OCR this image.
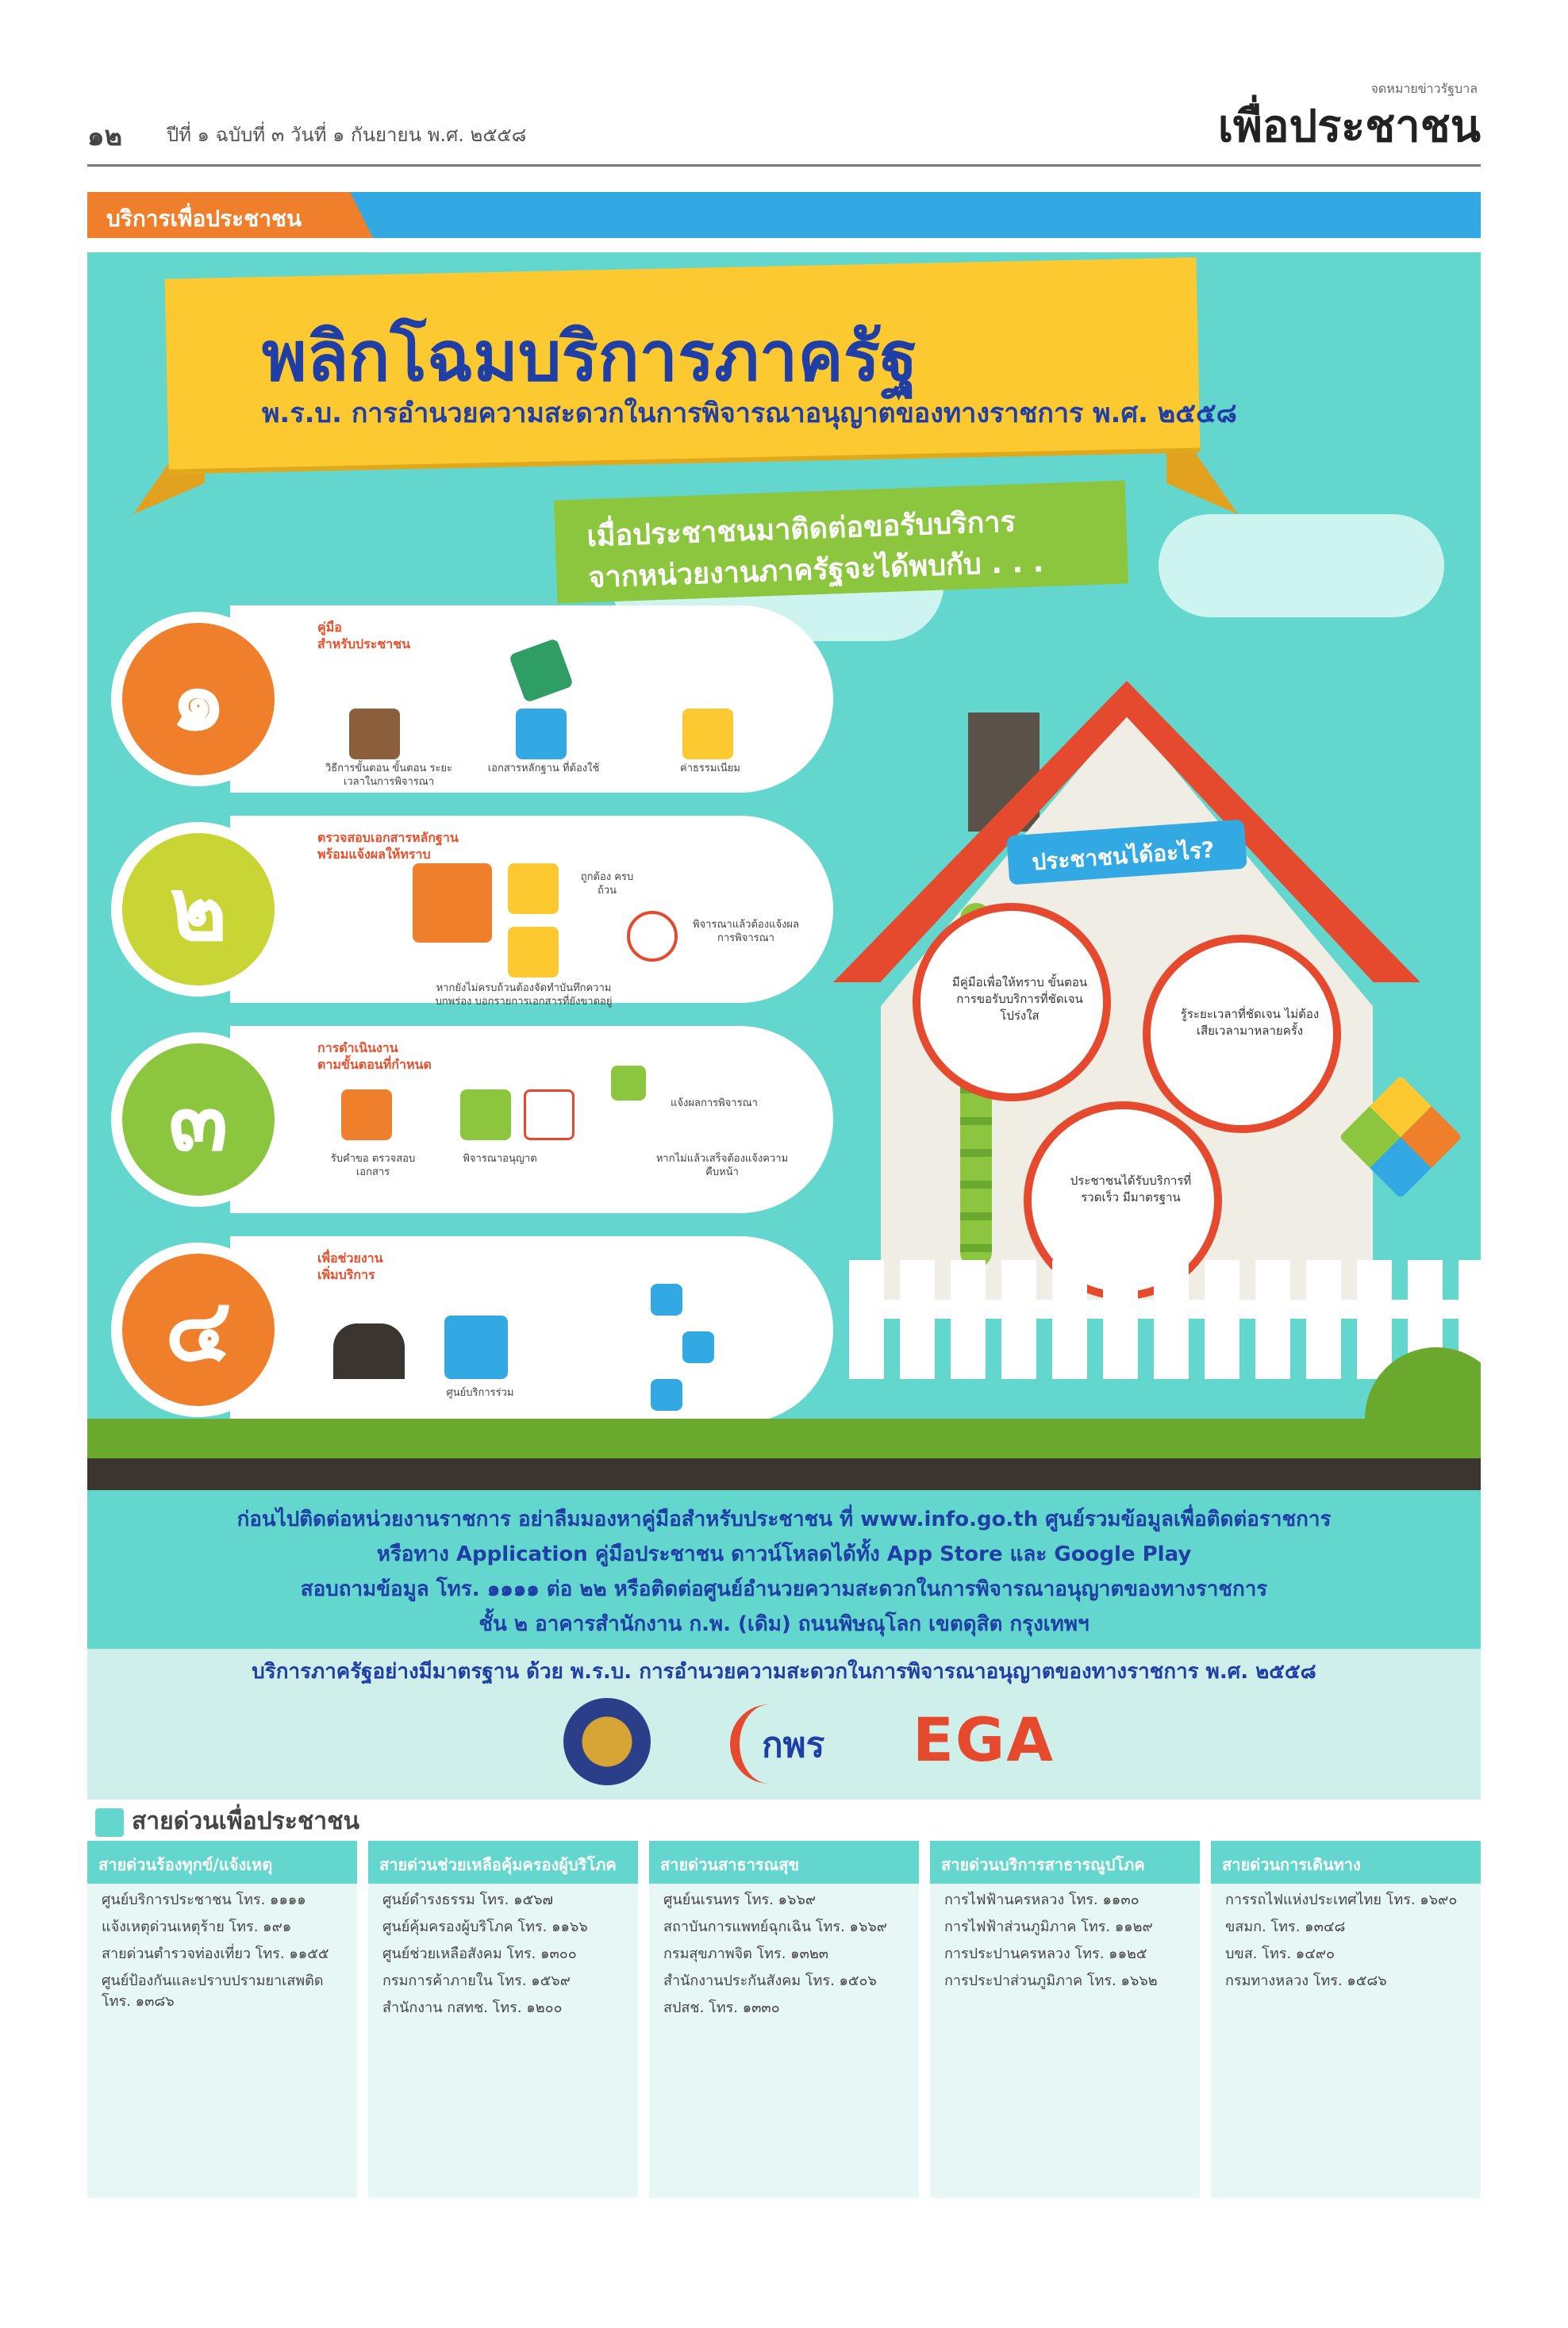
๑๒ ปีที่ ๑ ฉบับที่ ๓ วันที่ ๑ กันยายน พ.ศ. ๒๕๕๘
จดหมายข่าวรัฐบาล
เพื่อประชาชน
บริการเพื่อประชาชน
พลิกโฉมบริการภาครัฐ
พ.ร.บ. การอำนวยความสะดวกในการพิจารณาอนุญาตของทางราชการ พ.ศ. ๒๕๕๘
เมื่อประชาชนมาติดต่อขอรับบริการ
จากหน่วยงานภาครัฐจะได้พบกับ . . .
๑
คู่มือ
สำหรับประชาชน
วิธีการขั้นตอน ขั้นตอน ระยะเวลาในการพิจารณา
เอกสารหลักฐาน ที่ต้องใช้	ค่าธรรมเนียม
๒
ตรวจสอบเอกสารหลักฐาน
พร้อมแจ้งผลให้ทราบ
ถูกต้อง ครบถ้วน
หากยังไม่ครบถ้วนต้องจัดทำบันทึกความบกพร่อง บอกรายการเอกสารที่ยังขาดอยู่
พิจารณาแล้วต้องแจ้งผลการพิจารณา
๓
การดำเนินงาน
ตามขั้นตอนที่กำหนด
รับคำขอ ตรวจสอบเอกสาร
พิจารณาอนุญาต
แจ้งผลการพิจารณา
หากไม่แล้วเสร็จต้องแจ้งความคืบหน้า
๔
เพื่อช่วยงาน
เพิ่มบริการ
ศูนย์บริการร่วม
ประชาชนได้อะไร?
มีคู่มือเพื่อให้ทราบ ขั้นตอนการขอรับบริการที่ชัดเจน โปร่งใส	รู้ระยะเวลาที่ชัดเจน ไม่ต้องเสียเวลามาหลายครั้ง
ประชาชนได้รับบริการที่ รวดเร็ว มีมาตรฐาน
ก่อนไปติดต่อหน่วยงานราชการ อย่าลืมมองหาคู่มือสำหรับประชาชน ที่ www.info.go.th ศูนย์รวมข้อมูลเพื่อติดต่อราชการ
หรือทาง Application คู่มือประชาชน ดาวน์โหลดได้ทั้ง App Store และ Google Play
สอบถามข้อมูล โทร. ๑๑๑๑ ต่อ ๒๒ หรือติดต่อศูนย์อำนวยความสะดวกในการพิจารณาอนุญาตของทางราชการ
ชั้น ๒ อาคารสำนักงาน ก.พ. (เดิม) ถนนพิษณุโลก เขตดุสิต กรุงเทพฯ
บริการภาครัฐอย่างมีมาตรฐาน ด้วย พ.ร.บ. การอำนวยความสะดวกในการพิจารณาอนุญาตของทางราชการ พ.ศ. ๒๕๕๘
กพร EGA
สายด่วนเพื่อประชาชน
สายด่วนร้องทุกข์/แจ้งเหตุ
ศูนย์บริการประชาชน โทร. ๑๑๑๑
แจ้งเหตุด่วนเหตุร้าย โทร. ๑๙๑
สายด่วนตำรวจท่องเที่ยว โทร. ๑๑๕๕
ศูนย์ป้องกันและปราบปรามยาเสพติด โทร. ๑๓๘๖
สายด่วนช่วยเหลือคุ้มครองผู้บริโภค
ศูนย์ดำรงธรรม โทร. ๑๕๖๗
ศูนย์คุ้มครองผู้บริโภค โทร. ๑๑๖๖
ศูนย์ช่วยเหลือสังคม โทร. ๑๓๐๐
กรมการค้าภายใน โทร. ๑๕๖๙
สำนักงาน กสทช. โทร. ๑๒๐๐
สายด่วนสาธารณสุข
ศูนย์นเรนทร โทร. ๑๖๖๙
สถาบันการแพทย์ฉุกเฉิน โทร. ๑๖๖๙
กรมสุขภาพจิต โทร. ๑๓๒๓
สำนักงานประกันสังคม โทร. ๑๕๐๖
สปสช. โทร. ๑๓๓๐
สายด่วนบริการสาธารณูปโภค
การไฟฟ้านครหลวง โทร. ๑๑๓๐
การไฟฟ้าส่วนภูมิภาค โทร. ๑๑๒๙
การประปานครหลวง โทร. ๑๑๒๕
การประปาส่วนภูมิภาค โทร. ๑๖๖๒
สายด่วนการเดินทาง
การรถไฟแห่งประเทศไทย โทร. ๑๖๙๐
ขสมก. โทร. ๑๓๔๘
บขส. โทร. ๑๔๙๐
กรมทางหลวง โทร. ๑๕๘๖
